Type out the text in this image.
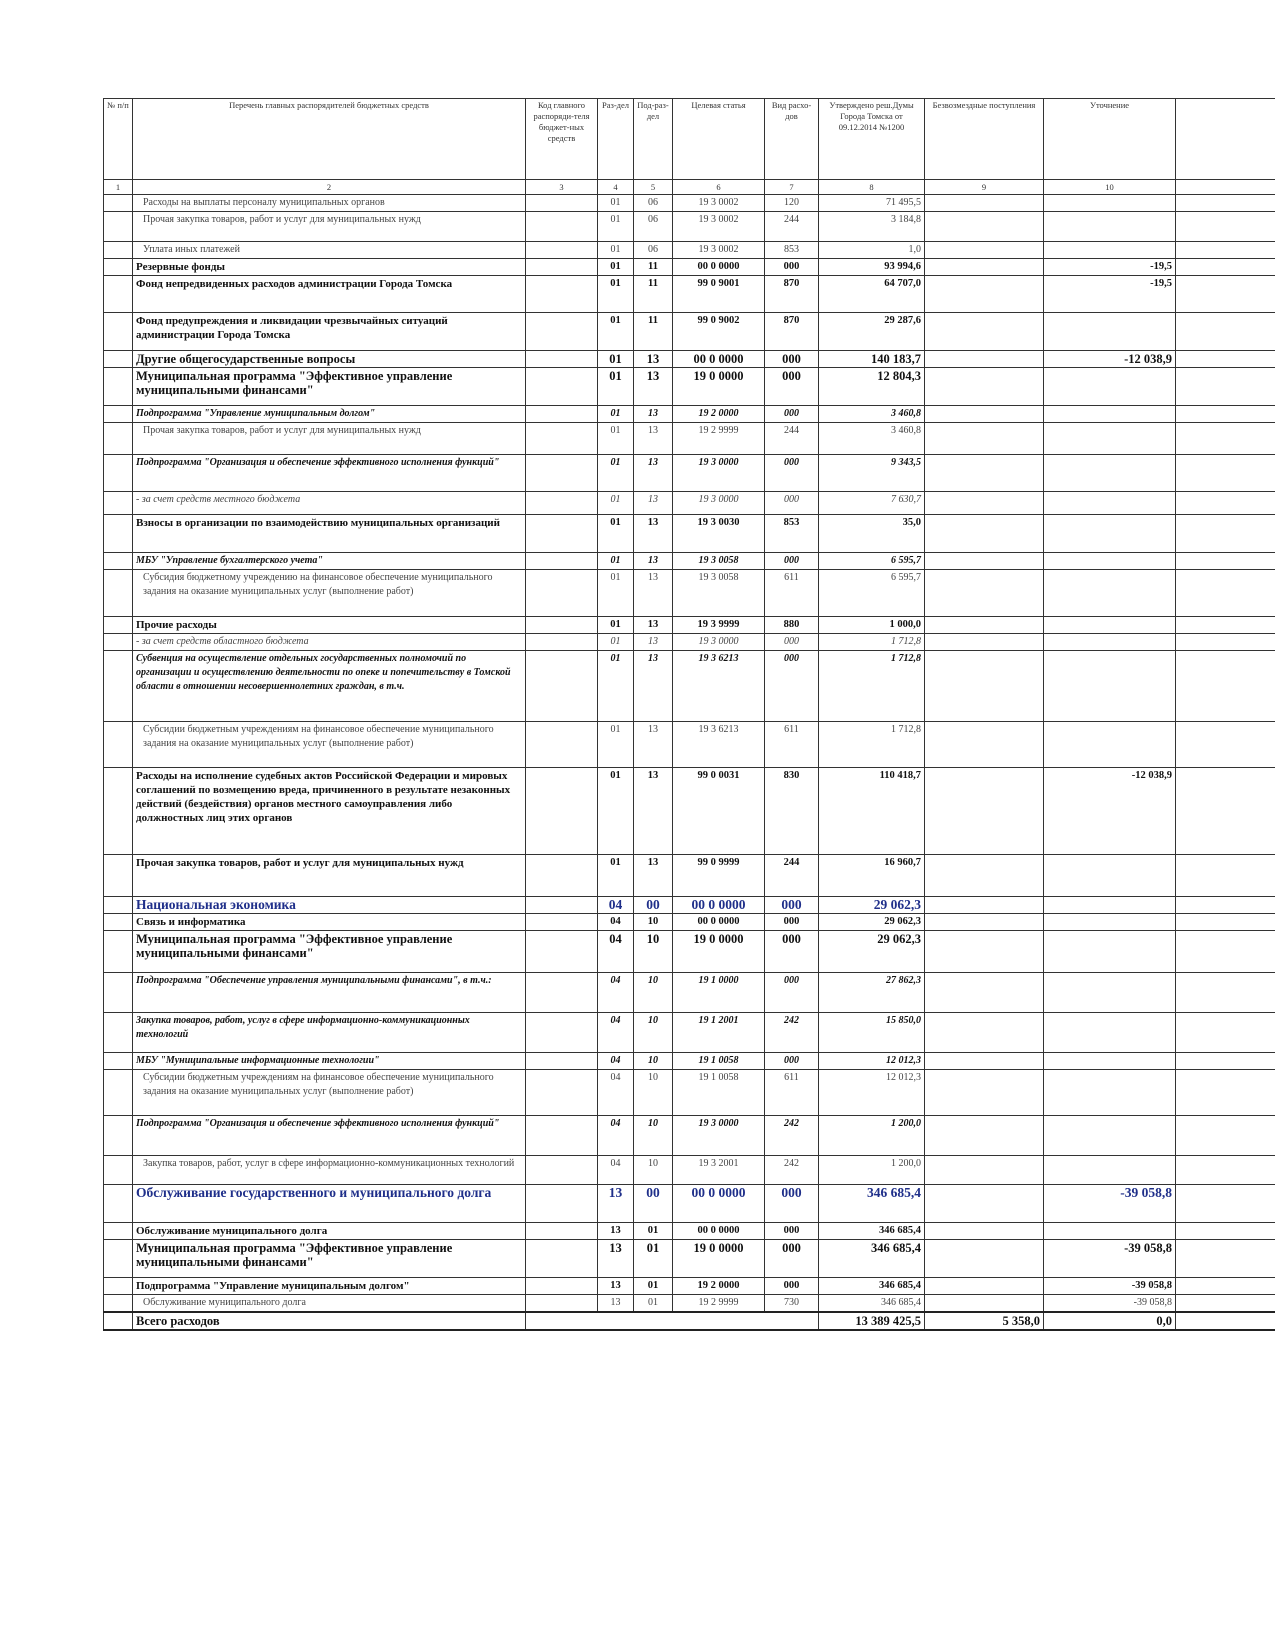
№ п/п	Перечень главных распорядителей бюджетных средств	Код главного распоряди-теля бюджет-ных средств	Раз-дел	Под-раз-дел	Целевая статья	Вид расхо-дов	Утверждено реш.Думы Города Томска от 09.12.2014 №1200	Безвозмездные поступления	Уточнение	
1	2	3	4	5	6	7	8	9	10	
	Расходы на выплаты персоналу муниципальных органов		01	06	19 3 0002	120	71 495,5			
	Прочая закупка товаров, работ и услуг для муниципальных нужд		01	06	19 3 0002	244	3 184,8			
	Уплата иных платежей		01	06	19 3 0002	853	1,0			
	Резервные фонды		01	11	00 0 0000	000	93 994,6		-19,5	
	Фонд непредвиденных расходов администрации Города Томска		01	11	99 0 9001	870	64 707,0		-19,5	
	Фонд предупреждения и ликвидации чрезвычайных ситуаций администрации Города Томска		01	11	99 0 9002	870	29 287,6			
	Другие общегосударственные вопросы		01	13	00 0 0000	000	140 183,7		-12 038,9	
	Муниципальная программа "Эффективное управление муниципальными финансами"		01	13	19 0 0000	000	12 804,3			
	Подпрограмма "Управление муниципальным долгом"		01	13	19 2 0000	000	3 460,8			
	Прочая закупка товаров, работ и услуг для муниципальных нужд		01	13	19 2 9999	244	3 460,8			
	Подпрограмма "Организация и обеспечение эффективного исполнения функций"		01	13	19 3 0000	000	9 343,5			
	- за счет средств местного бюджета		01	13	19 3 0000	000	7 630,7			
	Взносы в организации по взаимодействию муниципальных организаций		01	13	19 3 0030	853	35,0			
	МБУ "Управление бухгалтерского учета"		01	13	19 3 0058	000	6 595,7			
	Субсидия бюджетному учреждению на финансовое обеспечение муниципального задания на оказание муниципальных услуг (выполнение работ)		01	13	19 3 0058	611	6 595,7			
	Прочие расходы		01	13	19 3 9999	880	1 000,0			
	- за счет средств областного бюджета		01	13	19 3 0000	000	1 712,8			
	Субвенция на осуществление отдельных государственных полномочий по организации и осуществлению деятельности по опеке и попечительству в Томской области в отношении несовершеннолетних граждан, в т.ч.		01	13	19 3 6213	000	1 712,8			
	Субсидии бюджетным учреждениям на финансовое обеспечение муниципального задания на оказание муниципальных услуг (выполнение работ)		01	13	19 3 6213	611	1 712,8			
	Расходы на исполнение судебных актов Российской Федерации и мировых соглашений по возмещению вреда, причиненного в результате незаконных действий (бездействия) органов местного самоуправления либо должностных лиц этих органов		01	13	99 0 0031	830	110 418,7		-12 038,9	
	Прочая закупка товаров, работ и услуг для муниципальных нужд		01	13	99 0 9999	244	16 960,7			
	Национальная экономика		04	00	00 0 0000	000	29 062,3			
	Связь и информатика		04	10	00 0 0000	000	29 062,3			
	Муниципальная программа "Эффективное управление муниципальными финансами"		04	10	19 0 0000	000	29 062,3			
	Подпрограмма "Обеспечение управления муниципальными финансами", в т.ч.:		04	10	19 1 0000	000	27 862,3			
	Закупка товаров, работ, услуг в сфере информационно-коммуникационных технологий		04	10	19 1 2001	242	15 850,0			
	МБУ "Муниципальные информационные технологии"		04	10	19 1 0058	000	12 012,3			
	Субсидии бюджетным учреждениям на финансовое обеспечение муниципального задания на оказание муниципальных услуг (выполнение работ)		04	10	19 1 0058	611	12 012,3			
	Подпрограмма "Организация и обеспечение эффективного исполнения функций"		04	10	19 3 0000	242	1 200,0			
	Закупка товаров, работ, услуг в сфере информационно-коммуникационных технологий		04	10	19 3 2001	242	1 200,0			
	Обслуживание государственного и муниципального долга		13	00	00 0 0000	000	346 685,4		-39 058,8	
	Обслуживание муниципального долга		13	01	00 0 0000	000	346 685,4			
	Муниципальная программа "Эффективное управление муниципальными финансами"		13	01	19 0 0000	000	346 685,4		-39 058,8	
	Подпрограмма "Управление муниципальным долгом"		13	01	19 2 0000	000	346 685,4		-39 058,8	
	Обслуживание муниципального долга		13	01	19 2 9999	730	346 685,4		-39 058,8	
	Всего расходов						13 389 425,5	5 358,0	0,0	
